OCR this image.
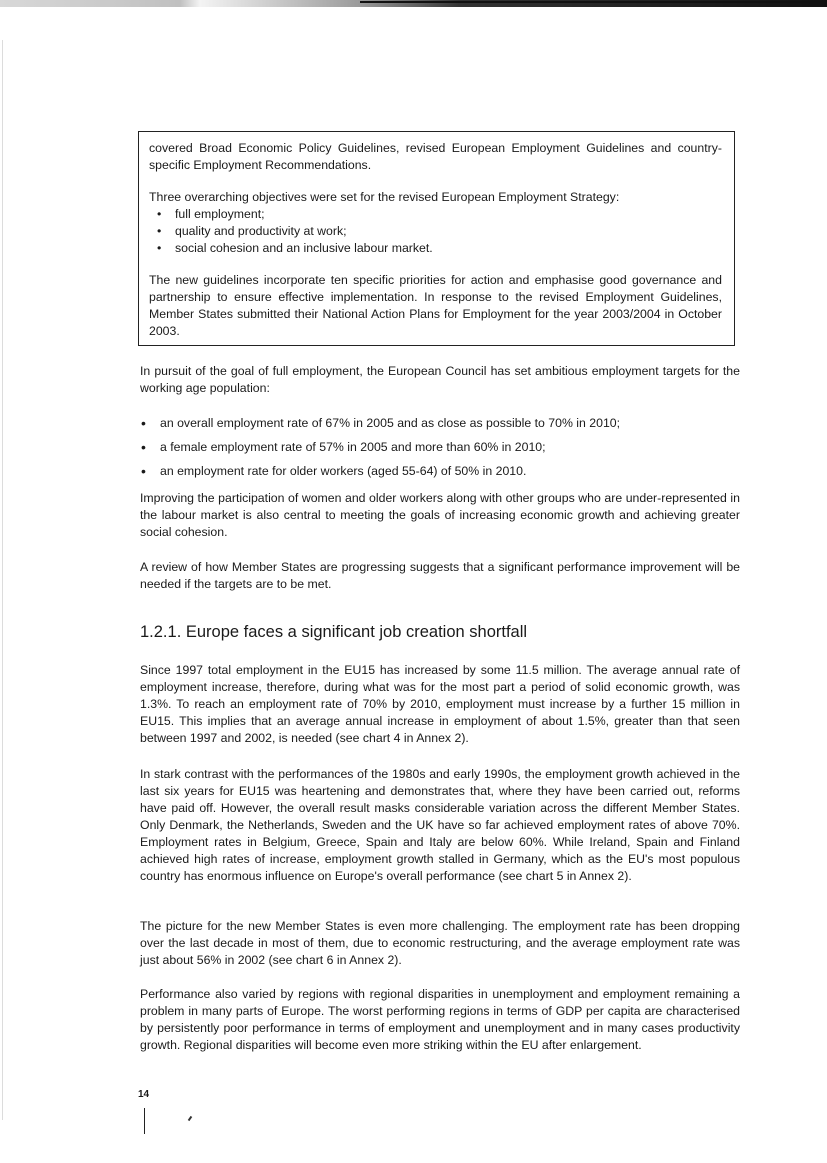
covered Broad Economic Policy Guidelines, revised European Employment Guidelines and country-specific Employment Recommendations.

Three overarching objectives were set for the revised European Employment Strategy:

• full employment;
• quality and productivity at work;
• social cohesion and an inclusive labour market.

The new guidelines incorporate ten specific priorities for action and emphasise good governance and partnership to ensure effective implementation. In response to the revised Employment Guidelines, Member States submitted their National Action Plans for Employment for the year 2003/2004 in October 2003.

In pursuit of the goal of full employment, the European Council has set ambitious employment targets for the working age population:

• an overall employment rate of 67% in 2005 and as close as possible to 70% in 2010;
• a female employment rate of 57% in 2005 and more than 60% in 2010;
• an employment rate for older workers (aged 55-64) of 50% in 2010.

Improving the participation of women and older workers along with other groups who are under-represented in the labour market is also central to meeting the goals of increasing economic growth and achieving greater social cohesion.

A review of how Member States are progressing suggests that a significant performance improvement will be needed if the targets are to be met.

1.2.1. Europe faces a significant job creation shortfall

Since 1997 total employment in the EU15 has increased by some 11.5 million. The average annual rate of employment increase, therefore, during what was for the most part a period of solid economic growth, was 1.3%. To reach an employment rate of 70% by 2010, employment must increase by a further 15 million in EU15. This implies that an average annual increase in employment of about 1.5%, greater than that seen between 1997 and 2002, is needed (see chart 4 in Annex 2).

In stark contrast with the performances of the 1980s and early 1990s, the employment growth achieved in the last six years for EU15 was heartening and demonstrates that, where they have been carried out, reforms have paid off. However, the overall result masks considerable variation across the different Member States. Only Denmark, the Netherlands, Sweden and the UK have so far achieved employment rates of above 70%. Employment rates in Belgium, Greece, Spain and Italy are below 60%. While Ireland, Spain and Finland achieved high rates of increase, employment growth stalled in Germany, which as the EU's most populous country has enormous influence on Europe's overall performance (see chart 5 in Annex 2).

The picture for the new Member States is even more challenging. The employment rate has been dropping over the last decade in most of them, due to economic restructuring, and the average employment rate was just about 56% in 2002 (see chart 6 in Annex 2).

Performance also varied by regions with regional disparities in unemployment and employment remaining a problem in many parts of Europe. The worst performing regions in terms of GDP per capita are characterised by persistently poor performance in terms of employment and unemployment and in many cases productivity growth. Regional disparities will become even more striking within the EU after enlargement.

14
